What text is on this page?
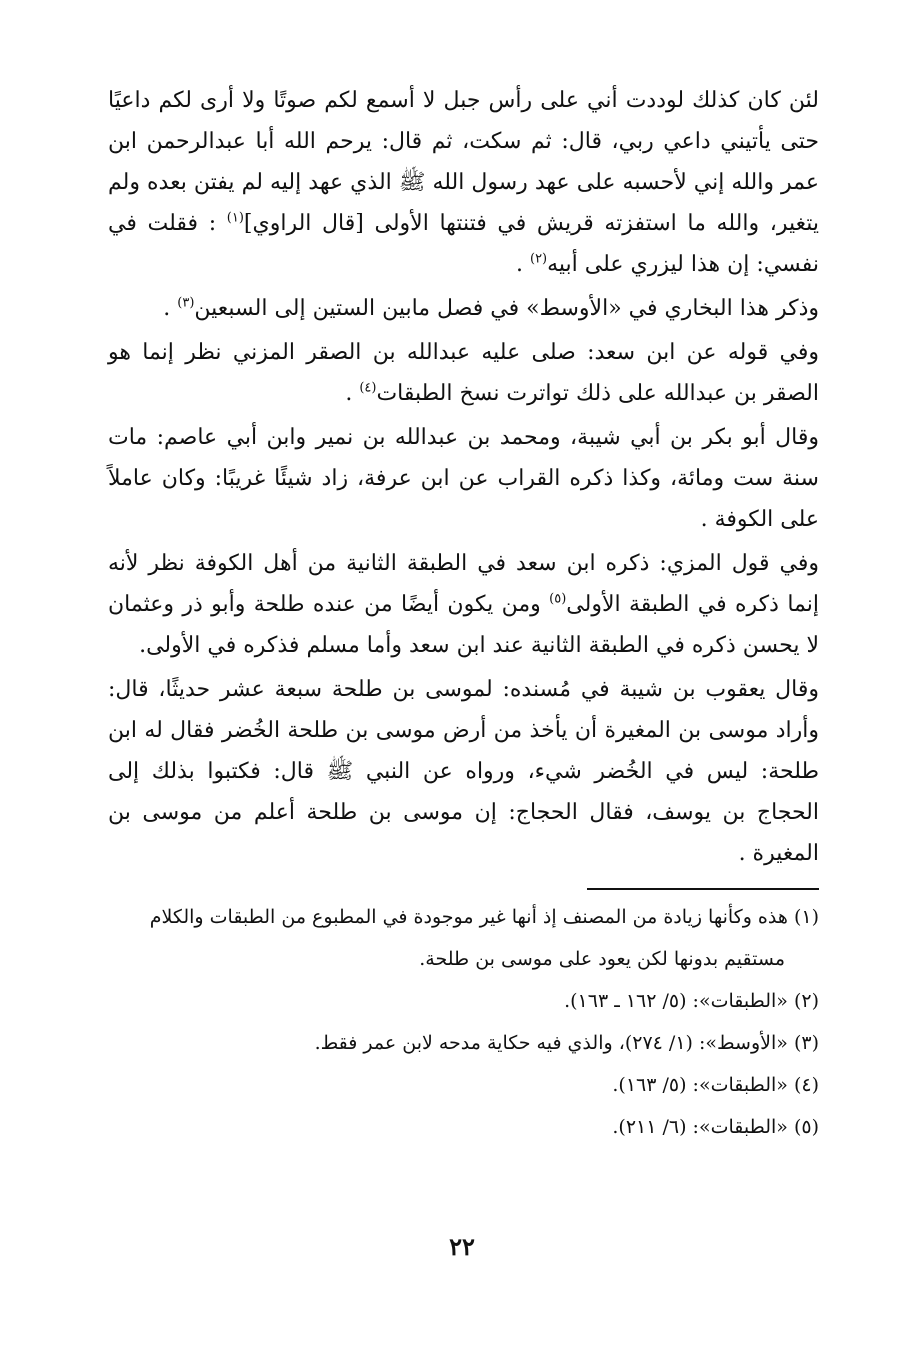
لئن كان كذلك لوددت أني على رأس جبل لا أسمع لكم صوتًا ولا أرى لكم داعيًا حتى يأتيني داعي ربي، قال: ثم سكت، ثم قال: يرحم الله أبا عبدالرحمن ابن عمر والله إني لأحسبه على عهد رسول الله ﷺ الذي عهد إليه لم يفتن بعده ولم يتغير، والله ما استفزته قريش في فتنتها الأولى [قال الراوي]$^{(١)}$ : فقلت في نفسي: إن هذا ليزري على أبيه$^{(٢)}$ .

وذكر هذا البخاري في «الأوسط» في فصل مابين الستين إلى السبعين$^{(٣)}$ .

وفي قوله عن ابن سعد: صلى عليه عبدالله بن الصقر المزني نظر إنما هو الصقر بن عبدالله على ذلك تواترت نسخ الطبقات$^{(٤)}$ .

وقال أبو بكر بن أبي شيبة، ومحمد بن عبدالله بن نمير وابن أبي عاصم: مات سنة ست ومائة، وكذا ذكره القراب عن ابن عرفة، زاد شيئًا غريبًا: وكان عاملاً على الكوفة .

وفي قول المزي: ذكره ابن سعد في الطبقة الثانية من أهل الكوفة نظر لأنه إنما ذكره في الطبقة الأولى$^{(٥)}$ ومن يكون أيضًا من عنده طلحة وأبو ذر وعثمان لا يحسن ذكره في الطبقة الثانية عند ابن سعد وأما مسلم فذكره في الأولى.

وقال يعقوب بن شيبة في مُسنده: لموسى بن طلحة سبعة عشر حديثًا، قال: وأراد موسى بن المغيرة أن يأخذ من أرض موسى بن طلحة الخُضر فقال له ابن طلحة: ليس في الخُضر شيء، ورواه عن النبي ﷺ قال: فكتبوا بذلك إلى الحجاج بن يوسف، فقال الحجاج: إن موسى بن طلحة أعلم من موسى بن المغيرة .

(١) هذه وكأنها زيادة من المصنف إذ أنها غير موجودة في المطبوع من الطبقات والكلام
مستقيم بدونها لكن يعود على موسى بن طلحة.
(٢) «الطبقات»: (٥/ ١٦٢ ـ ١٦٣).
(٣) «الأوسط»: (١/ ٢٧٤)، والذي فيه حكاية مدحه لابن عمر فقط.
(٤) «الطبقات»: (٥/ ١٦٣).
(٥) «الطبقات»: (٦/ ٢١١).
٢٢
